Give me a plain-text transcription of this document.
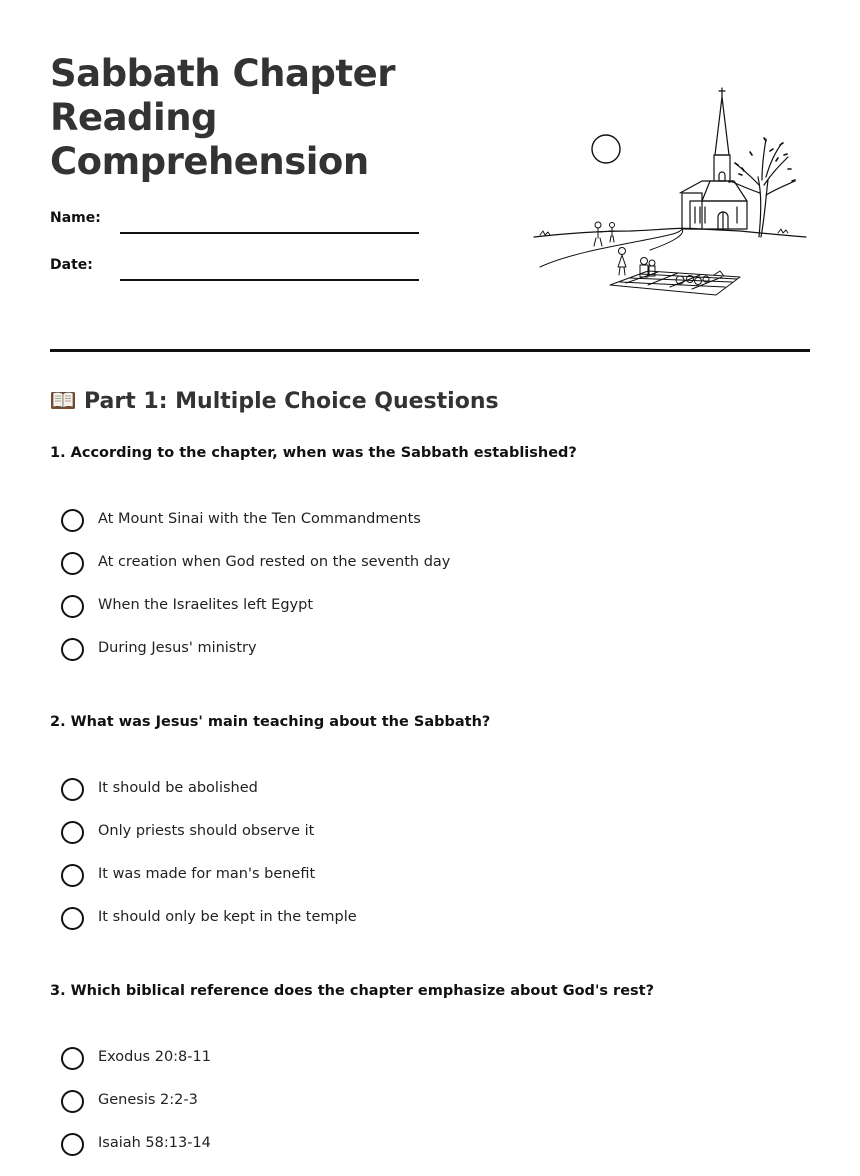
Sabbath Chapter Reading Comprehension
Name:
Date:
Part 1: Multiple Choice Questions

1. According to the chapter, when was the Sabbath established?

At Mount Sinai with the Ten Commandments
At creation when God rested on the seventh day
When the Israelites left Egypt
During Jesus' ministry

2. What was Jesus' main teaching about the Sabbath?

It should be abolished
Only priests should observe it
It was made for man's benefit
It should only be kept in the temple

3. Which biblical reference does the chapter emphasize about God's rest?

Exodus 20:8-11
Genesis 2:2-3
Isaiah 58:13-14
